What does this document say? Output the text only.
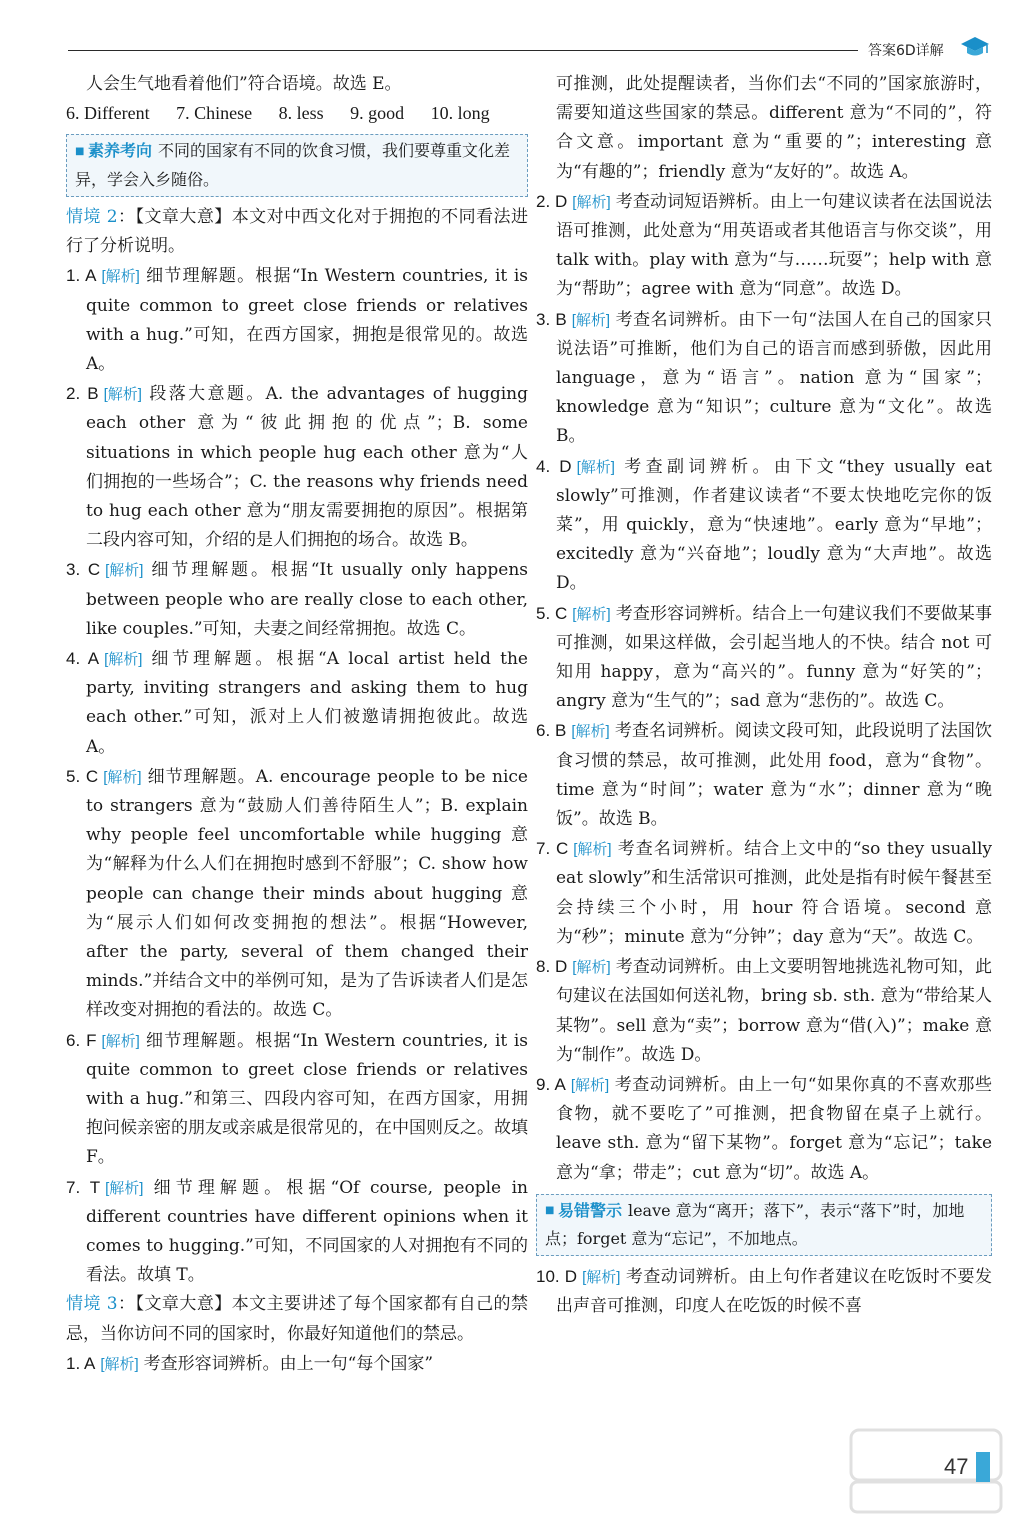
答案6D详解
人会生气地看着他们”符合语境。故选 E。
6. Different 7. Chinese 8. less 9. good 10. long
■ 素养考向 不同的国家有不同的饮食习惯，我们要尊重文化差异，学会入乡随俗。
情境 2：【文章大意】本文对中西文化对于拥抱的不同看法进行了分析说明。
1. A [解析] 细节理解题。根据“In Western countries, it is quite common to greet close friends or relatives with a hug.”可知，在西方国家，拥抱是很常见的。故选 A。
2. B [解析] 段落大意题。A. the advantages of hugging each other 意为“彼此拥抱的优点”；B. some situations in which people hug each other 意为“人们拥抱的一些场合”；C. the reasons why friends need to hug each other 意为“朋友需要拥抱的原因”。根据第二段内容可知，介绍的是人们拥抱的场合。故选 B。
3. C [解析] 细节理解题。根据“It usually only happens between people who are really close to each other, like couples.”可知，夫妻之间经常拥抱。故选 C。
4. A [解析] 细节理解题。根据“A local artist held the party, inviting strangers and asking them to hug each other.”可知，派对上人们被邀请拥抱彼此。故选 A。
5. C [解析] 细节理解题。A. encourage people to be nice to strangers 意为“鼓励人们善待陌生人”；B. explain why people feel uncomfortable while hugging 意为“解释为什么人们在拥抱时感到不舒服”；C. show how people can change their minds about hugging 意为“展示人们如何改变拥抱的想法”。根据“However, after the party, several of them changed their minds.”并结合文中的举例可知，是为了告诉读者人们是怎样改变对拥抱的看法的。故选 C。
6. F [解析] 细节理解题。根据“In Western countries, it is quite common to greet close friends or relatives with a hug.”和第三、四段内容可知，在西方国家，用拥抱问候亲密的朋友或亲戚是很常见的，在中国则反之。故填 F。
7. T [解析] 细节理解题。根据“Of course, people in different countries have different opinions when it comes to hugging.”可知，不同国家的人对拥抱有不同的看法。故填 T。
情境 3：【文章大意】本文主要讲述了每个国家都有自己的禁忌，当你访问不同的国家时，你最好知道他们的禁忌。
1. A [解析] 考查形容词辨析。由上一句“每个国家”
可推测，此处提醒读者，当你们去“不同的”国家旅游时，需要知道这些国家的禁忌。different 意为“不同的”，符合文意。important 意为“重要的”；interesting 意为“有趣的”；friendly 意为“友好的”。故选 A。
2. D [解析] 考查动词短语辨析。由上一句建议读者在法国说法语可推测，此处意为“用英语或者其他语言与你交谈”，用 talk with。play with 意为“与……玩耍”；help with 意为“帮助”；agree with 意为“同意”。故选 D。
3. B [解析] 考查名词辨析。由下一句“法国人在自己的国家只说法语”可推断，他们为自己的语言而感到骄傲，因此用 language，意为“语言”。nation 意为“国家”；knowledge 意为“知识”；culture 意为“文化”。故选 B。
4. D [解析] 考查副词辨析。由下文“they usually eat slowly”可推测，作者建议读者“不要太快地吃完你的饭菜”，用 quickly，意为“快速地”。early 意为“早地”；excitedly 意为“兴奋地”；loudly 意为“大声地”。故选 D。
5. C [解析] 考查形容词辨析。结合上一句建议我们不要做某事可推测，如果这样做，会引起当地人的不快。结合 not 可知用 happy，意为“高兴的”。funny 意为“好笑的”；angry 意为“生气的”；sad 意为“悲伤的”。故选 C。
6. B [解析] 考查名词辨析。阅读文段可知，此段说明了法国饮食习惯的禁忌，故可推测，此处用 food，意为“食物”。time 意为“时间”；water 意为“水”；dinner 意为“晚饭”。故选 B。
7. C [解析] 考查名词辨析。结合上文中的“so they usually eat slowly”和生活常识可推测，此处是指有时候午餐甚至会持续三个小时，用 hour 符合语境。second 意为“秒”；minute 意为“分钟”；day 意为“天”。故选 C。
8. D [解析] 考查动词辨析。由上文要明智地挑选礼物可知，此句建议在法国如何送礼物，bring sb. sth. 意为“带给某人某物”。sell 意为“卖”；borrow 意为“借(入)”；make 意为“制作”。故选 D。
9. A [解析] 考查动词辨析。由上一句“如果你真的不喜欢那些食物，就不要吃了”可推测，把食物留在桌子上就行。leave sth. 意为“留下某物”。forget 意为“忘记”；take 意为“拿；带走”；cut 意为“切”。故选 A。
■ 易错警示 leave 意为“离开；落下”，表示“落下”时，加地点；forget 意为“忘记”，不加地点。
10. D [解析] 考查动词辨析。由上句作者建议在吃饭时不要发出声音可推测，印度人在吃饭的时候不喜
47
